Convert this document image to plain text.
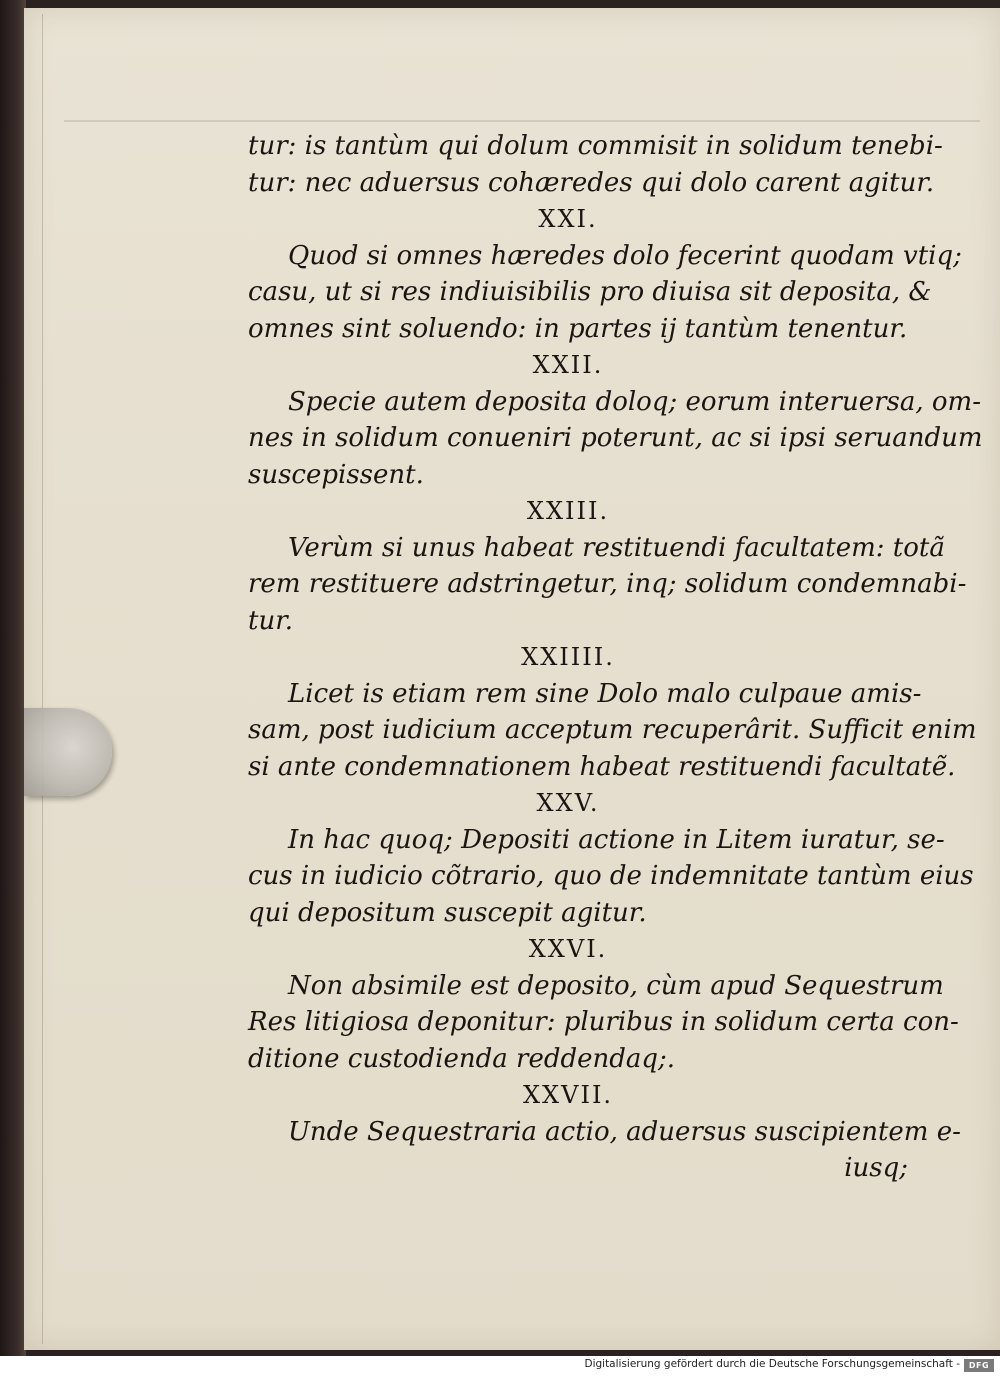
tur: is tantùm qui dolum commisit in solidum tenebi-
tur: nec aduersus cohæredes qui dolo carent agitur.
XXI.
Quod si omnes hæredes dolo fecerint quodam vtiq;
casu, ut si res indiuisibilis pro diuisa sit deposita, &
omnes sint soluendo: in partes ij tantùm tenentur.
XXII.
Specie autem deposita doloq; eorum interuersa, om-
nes in solidum conueniri poterunt, ac si ipsi seruandum
suscepissent.
XXIII.
Verùm si unus habeat restituendi facultatem: totã
rem restituere adstringetur, inq; solidum condemnabi-
tur.
XXIIII.
Licet is etiam rem sine Dolo malo culpaue amis-
sam, post iudicium acceptum recuperârit. Sufficit enim
si ante condemnationem habeat restituendi facultatẽ.
XXV.
In hac quoq; Depositi actione in Litem iuratur, se-
cus in iudicio cõtrario, quo de indemnitate tantùm eius
qui depositum suscepit agitur.
XXVI.
Non absimile est deposito, cùm apud Sequestrum
Res litigiosa deponitur: pluribus in solidum certa con-
ditione custodienda reddendaq;.
XXVII.
Unde Sequestraria actio, aduersus suscipientem e-
iusq;
Digitalisierung gefördert durch die Deutsche Forschungsgemeinschaft -	DFG
